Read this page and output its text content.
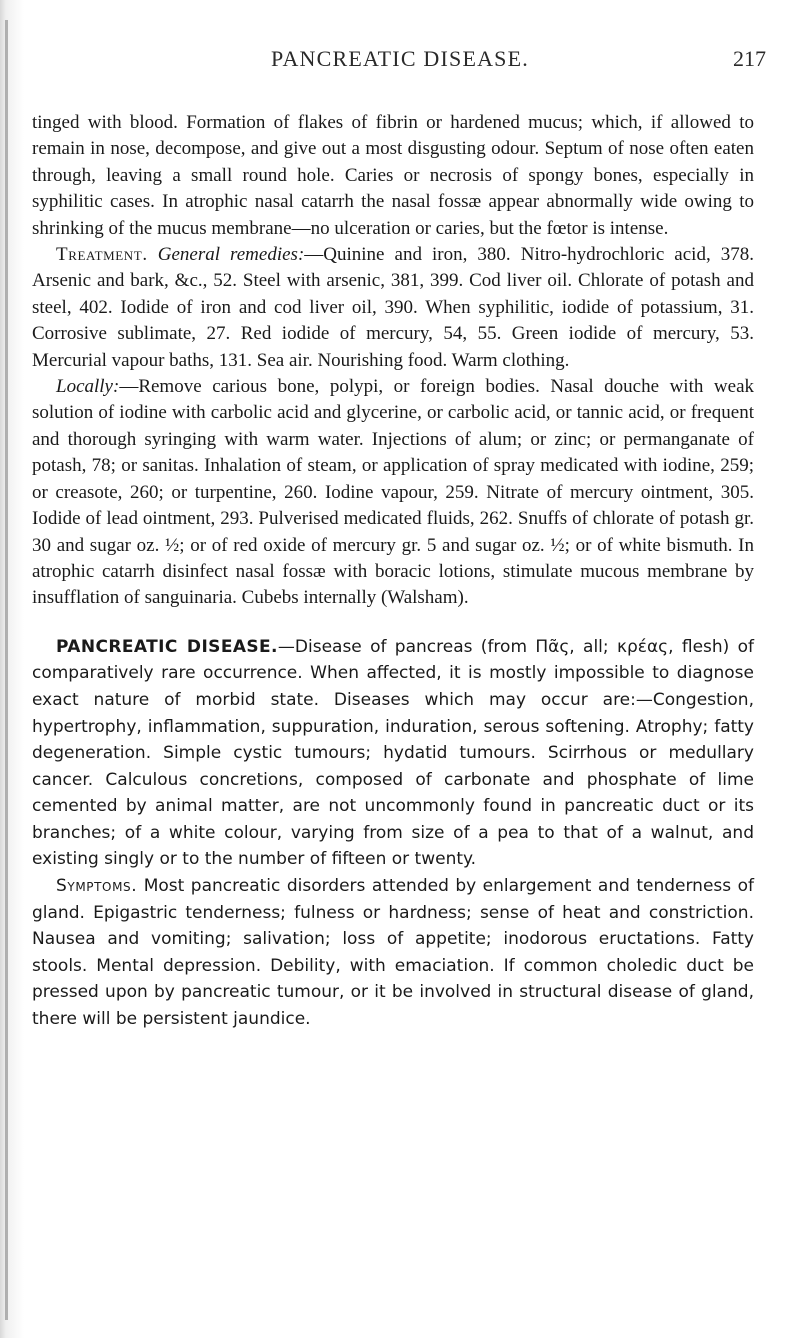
PANCREATIC DISEASE.	217

tinged with blood. Formation of flakes of fibrin or hardened mucus; which, if allowed to remain in nose, decompose, and give out a most disgusting odour. Septum of nose often eaten through, leaving a small round hole. Caries or necrosis of spongy bones, especially in syphilitic cases. In atrophic nasal catarrh the nasal fossæ appear abnormally wide owing to shrinking of the mucus membrane—no ulceration or caries, but the fœtor is intense.

Treatment. General remedies:—Quinine and iron, 380. Nitro-hydrochloric acid, 378. Arsenic and bark, &c., 52. Steel with arsenic, 381, 399. Cod liver oil. Chlorate of potash and steel, 402. Iodide of iron and cod liver oil, 390. When syphilitic, iodide of potassium, 31. Corrosive sublimate, 27. Red iodide of mercury, 54, 55. Green iodide of mercury, 53. Mercurial vapour baths, 131. Sea air. Nourishing food. Warm clothing.

Locally:—Remove carious bone, polypi, or foreign bodies. Nasal douche with weak solution of iodine with carbolic acid and glycerine, or carbolic acid, or tannic acid, or frequent and thorough syringing with warm water. Injections of alum; or zinc; or permanganate of potash, 78; or sanitas. Inhalation of steam, or application of spray medicated with iodine, 259; or creasote, 260; or turpentine, 260. Iodine vapour, 259. Nitrate of mercury ointment, 305. Iodide of lead ointment, 293. Pulverised medicated fluids, 262. Snuffs of chlorate of potash gr. 30 and sugar oz. ½; or of red oxide of mercury gr. 5 and sugar oz. ½; or of white bismuth. In atrophic catarrh disinfect nasal fossæ with boracic lotions, stimulate mucous membrane by insufflation of sanguinaria. Cubebs internally (Walsham).

PANCREATIC DISEASE.—Disease of pancreas (from Πᾶς, all; κρέας, flesh) of comparatively rare occurrence. When affected, it is mostly impossible to diagnose exact nature of morbid state. Diseases which may occur are:—Congestion, hypertrophy, inflammation, suppuration, induration, serous softening. Atrophy; fatty degeneration. Simple cystic tumours; hydatid tumours. Scirrhous or medullary cancer. Calculous concretions, composed of carbonate and phosphate of lime cemented by animal matter, are not uncommonly found in pancreatic duct or its branches; of a white colour, varying from size of a pea to that of a walnut, and existing singly or to the number of fifteen or twenty.

Symptoms. Most pancreatic disorders attended by enlargement and tenderness of gland. Epigastric tenderness; fulness or hardness; sense of heat and constriction. Nausea and vomiting; salivation; loss of appetite; inodorous eructations. Fatty stools. Mental depression. Debility, with emaciation. If common choledic duct be pressed upon by pancreatic tumour, or it be involved in structural disease of gland, there will be persistent jaundice.
